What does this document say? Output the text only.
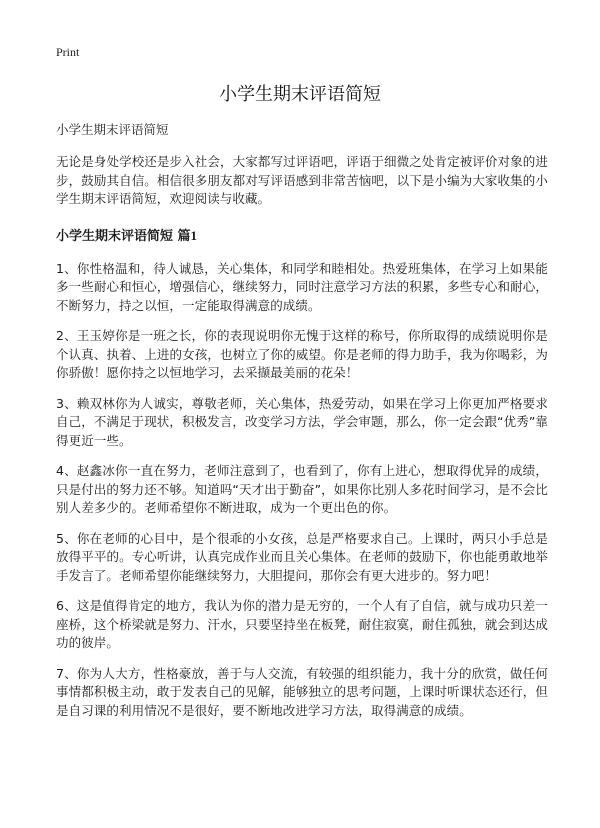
Print
小学生期末评语简短

小学生期末评语简短

无论是身处学校还是步入社会，大家都写过评语吧，评语于细微之处肯定被评价对象的进步，鼓励其自信。相信很多朋友都对写评语感到非常苦恼吧，以下是小编为大家收集的小学生期末评语简短，欢迎阅读与收藏。

小学生期末评语简短 篇1

1、你性格温和，待人诚恳，关心集体，和同学和睦相处。热爱班集体，在学习上如果能多一些耐心和恒心，增强信心，继续努力，同时注意学习方法的积累，多些专心和耐心，不断努力，持之以恒，一定能取得满意的成绩。

2、王玉婷你是一班之长，你的表现说明你无愧于这样的称号，你所取得的成绩说明你是个认真、执着、上进的女孩，也树立了你的威望。你是老师的得力助手，我为你喝彩，为你骄傲！愿你持之以恒地学习，去采撷最美丽的花朵！

3、赖双林你为人诚实，尊敬老师，关心集体，热爱劳动，如果在学习上你更加严格要求自己，不满足于现状，积极发言，改变学习方法，学会审题，那么，你一定会跟“优秀”靠得更近一些。

4、赵鑫冰你一直在努力，老师注意到了，也看到了，你有上进心，想取得优异的成绩，只是付出的努力还不够。知道吗“天才出于勤奋”，如果你比别人多花时间学习，是不会比别人差多少的。老师希望你不断进取，成为一个更出色的你。

5、你在老师的心目中，是个很乖的小女孩，总是严格要求自己。上课时，两只小手总是放得平平的。专心听讲，认真完成作业而且关心集体。在老师的鼓励下，你也能勇敢地举手发言了。老师希望你能继续努力，大胆提问，那你会有更大进步的。努力吧！

6、这是值得肯定的地方，我认为你的潜力是无穷的，一个人有了自信，就与成功只差一座桥，这个桥梁就是努力、汗水，只要坚持坐在板凳，耐住寂寞，耐住孤独，就会到达成功的彼岸。

7、你为人大方，性格豪放，善于与人交流，有较强的组织能力，我十分的欣赏，做任何事情都积极主动，敢于发表自己的见解，能够独立的思考问题，上课时听课状态还行，但是自习课的利用情况不是很好，要不断地改进学习方法，取得满意的成绩。
